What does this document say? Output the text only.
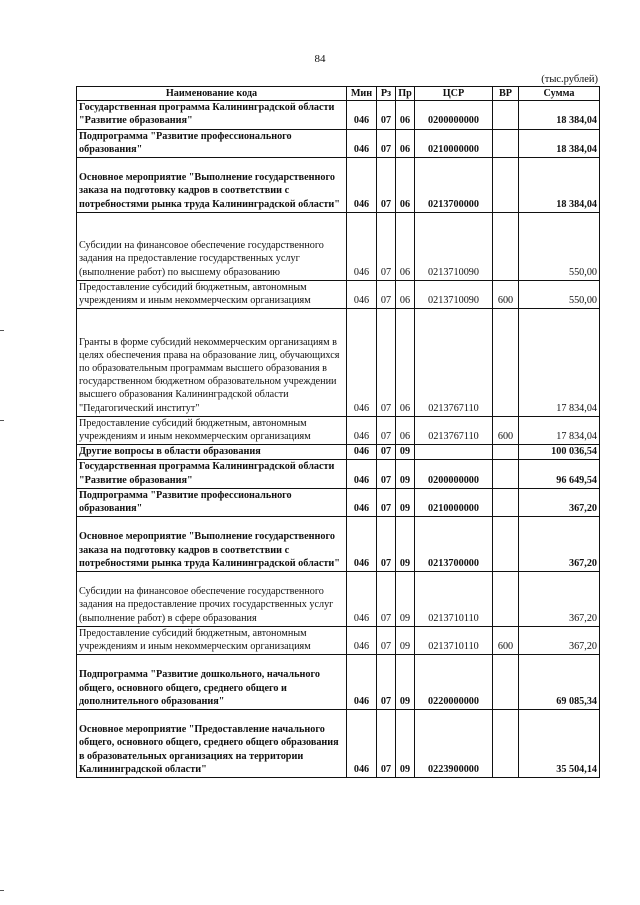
84
(тыс.рублей)
Наименование кода	Мин	Рз	Пр	ЦСР	ВР	Сумма
Государственная программа Калининградской области "Развитие образования"	046	07	06	0200000000		18 384,04
Подпрограмма "Развитие профессионального образования"	046	07	06	0210000000		18 384,04
Основное мероприятие "Выполнение государственного заказа на подготовку кадров в соответствии с потребностями рынка труда Калининградской области"	046	07	06	0213700000		18 384,04
Субсидии на финансовое обеспечение государственного задания на предоставление государственных услуг (выполнение работ) по высшему образованию	046	07	06	0213710090		550,00
Предоставление субсидий бюджетным, автономным учреждениям и иным некоммерческим организациям	046	07	06	0213710090	600	550,00
Гранты в форме субсидий некоммерческим организациям в целях обеспечения права на образование лиц, обучающихся по образовательным программам высшего образования в государственном бюджетном образовательном учреждении высшего образования Калининградской области "Педагогический институт"	046	07	06	0213767110		17 834,04
Предоставление субсидий бюджетным, автономным учреждениям и иным некоммерческим организациям	046	07	06	0213767110	600	17 834,04
Другие вопросы в области образования	046	07	09			100 036,54
Государственная программа Калининградской области "Развитие образования"	046	07	09	0200000000		96 649,54
Подпрограмма "Развитие профессионального образования"	046	07	09	0210000000		367,20
Основное мероприятие "Выполнение государственного заказа на подготовку кадров в соответствии с потребностями рынка труда Калининградской области"	046	07	09	0213700000		367,20
Субсидии на финансовое обеспечение государственного задания на предоставление прочих государственных услуг (выполнение работ) в сфере образования	046	07	09	0213710110		367,20
Предоставление субсидий бюджетным, автономным учреждениям и иным некоммерческим организациям	046	07	09	0213710110	600	367,20
Подпрограмма "Развитие дошкольного, начального общего, основного общего, среднего общего и дополнительного образования"	046	07	09	0220000000		69 085,34
Основное мероприятие "Предоставление начального общего, основного общего, среднего общего образования в образовательных организациях на территории Калининградской области"	046	07	09	0223900000		35 504,14
